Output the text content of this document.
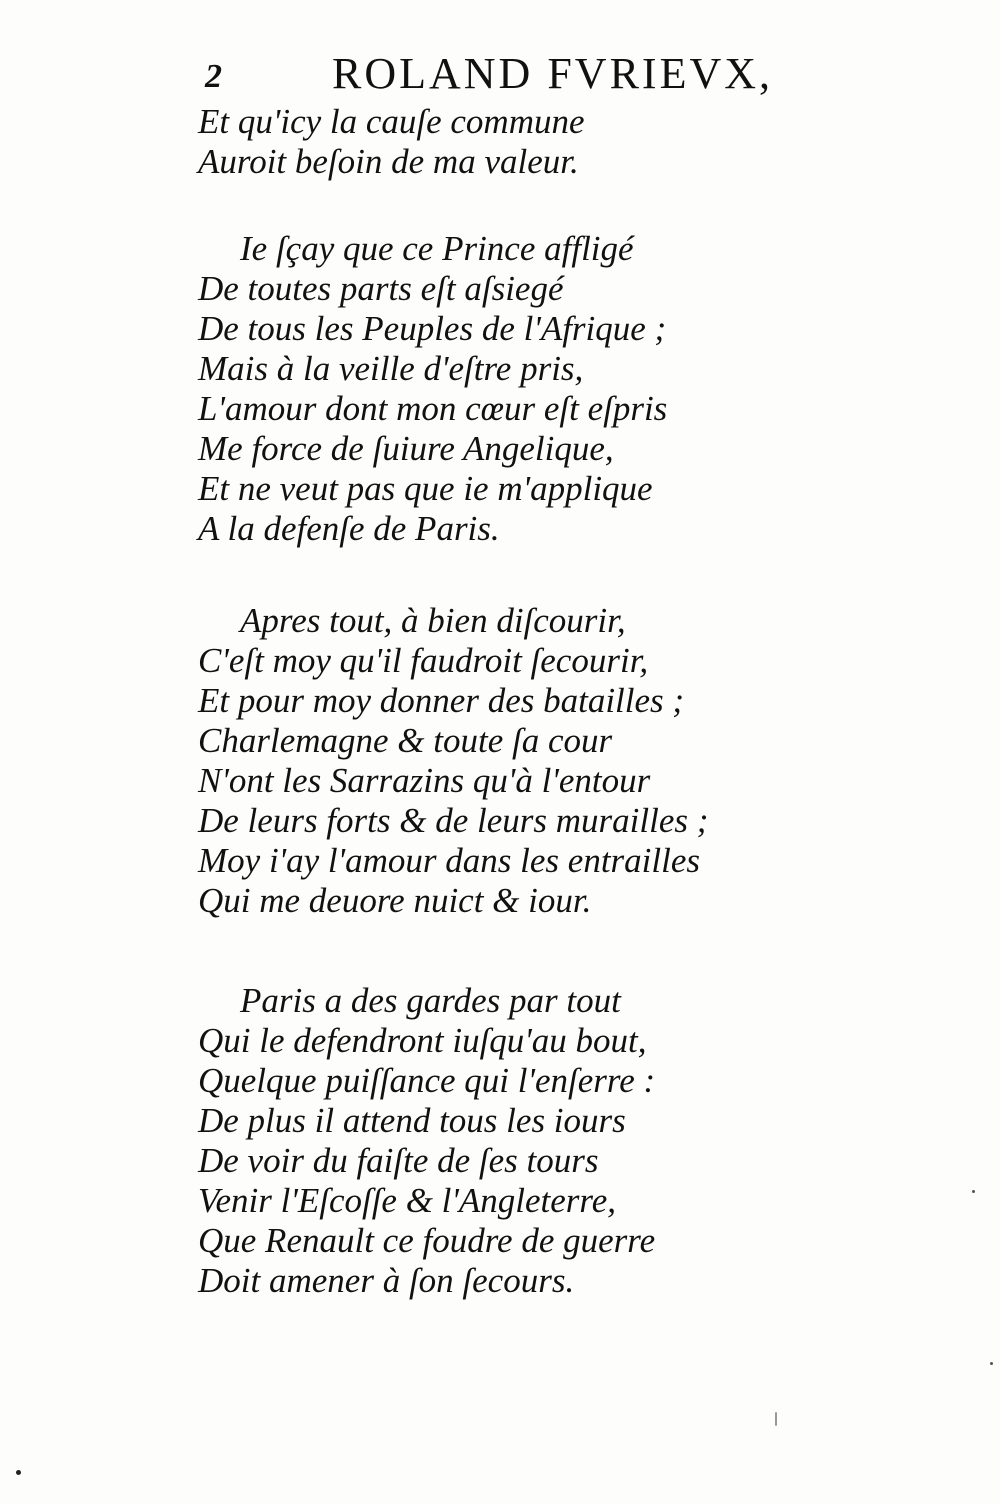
2	ROLAND FVRIEVX,
Et qu'icy la cauſe commune
Auroit beſoin de ma valeur.
Ie ſçay que ce Prince affligé
De toutes parts eſt aſsiegé
De tous les Peuples de l'Afrique ;
Mais à la veille d'eſtre pris,
L'amour dont mon cœur eſt eſpris
Me force de ſuiure Angelique,
Et ne veut pas que ie m'applique
A la defenſe de Paris.
Apres tout, à bien diſcourir,
C'eſt moy qu'il faudroit ſecourir,
Et pour moy donner des batailles ;
Charlemagne & toute ſa cour
N'ont les Sarrazins qu'à l'entour
De leurs forts & de leurs murailles ;
Moy i'ay l'amour dans les entrailles
Qui me deuore nuict & iour.
Paris a des gardes par tout
Qui le defendront iuſqu'au bout,
Quelque puiſſance qui l'enſerre :
De plus il attend tous les iours
De voir du faiſte de ſes tours
Venir l'Eſcoſſe & l'Angleterre,
Que Renault ce foudre de guerre
Doit amener à ſon ſecours.
